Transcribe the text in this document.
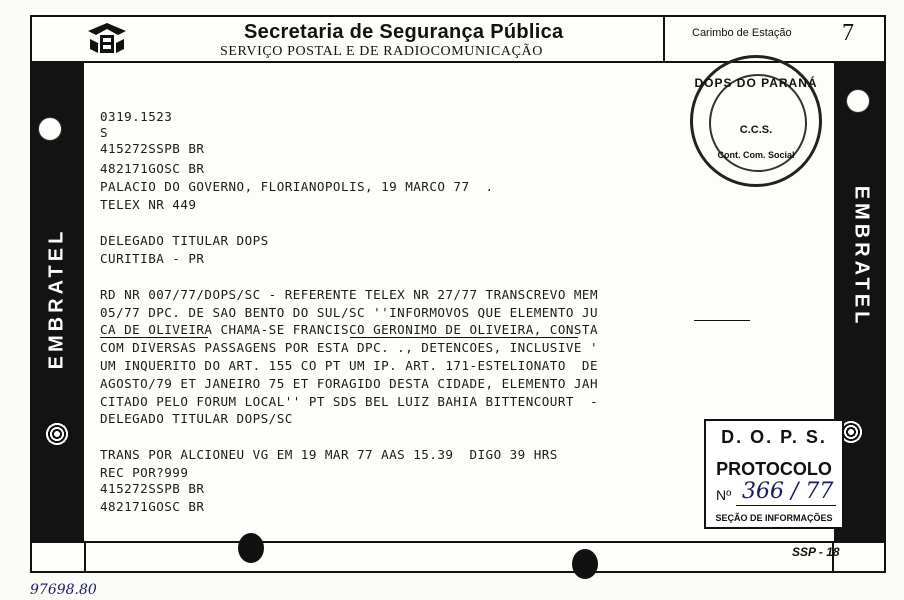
Secretaria de Segurança Pública
SERVIÇO POSTAL E DE RADIOCOMUNICAÇÃO
Carimbo de Estação
EMBRATEL	EMBRATEL
0319.1523
S
415272SSPB BR
482171GOSC BR
PALACIO DO GOVERNO, FLORIANOPOLIS, 19 MARCO 77  .
TELEX NR 449
DELEGADO TITULAR DOPS
CURITIBA - PR
RD NR 007/77/DOPS/SC - REFERENTE TELEX NR 27/77 TRANSCREVO MEM
05/77 DPC. DE SAO BENTO DO SUL/SC ''INFORMOVOS QUE ELEMENTO JU
CA DE OLIVEIRA CHAMA-SE FRANCISCO GERONIMO DE OLIVEIRA, CONSTA
COM DIVERSAS PASSAGENS POR ESTA DPC. ., DETENCOES, INCLUSIVE '
UM INQUERITO DO ART. 155 CO PT UM IP. ART. 171-ESTELIONATO  DE
AGOSTO/79 ET JANEIRO 75 ET FORAGIDO DESTA CIDADE, ELEMENTO JAH
CITADO PELO FORUM LOCAL'' PT SDS BEL LUIZ BAHIA BITTENCOURT  -
DELEGADO TITULAR DOPS/SC
TRANS POR ALCIONEU VG EM 19 MAR 77 AAS 15.39  DIGO 39 HRS
REC POR?999
415272SSPB BR
482171GOSC BR
DOPS DO PARANÁ
C.C.S.
Cont. Com. Social
D. O. P. S.
PROTOCOLO
Nº 366 / 77
SEÇÃO DE INFORMAÇÕES
SSP - 18
7
97698.80
